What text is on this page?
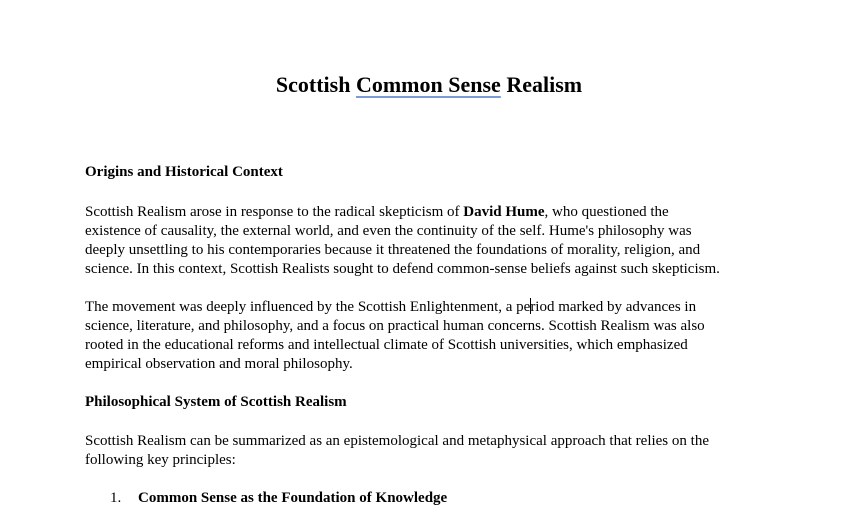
Scottish Common Sense Realism

Origins and Historical Context

Scottish Realism arose in response to the radical skepticism of David Hume, who questioned the
existence of causality, the external world, and even the continuity of the self. Hume's philosophy was
deeply unsettling to his contemporaries because it threatened the foundations of morality, religion, and
science. In this context, Scottish Realists sought to defend common-sense beliefs against such skepticism.

The movement was deeply influenced by the Scottish Enlightenment, a period marked by advances in
science, literature, and philosophy, and a focus on practical human concerns. Scottish Realism was also
rooted in the educational reforms and intellectual climate of Scottish universities, which emphasized
empirical observation and moral philosophy.

Philosophical System of Scottish Realism

Scottish Realism can be summarized as an epistemological and metaphysical approach that relies on the
following key principles:

1. Common Sense as the Foundation of Knowledge
